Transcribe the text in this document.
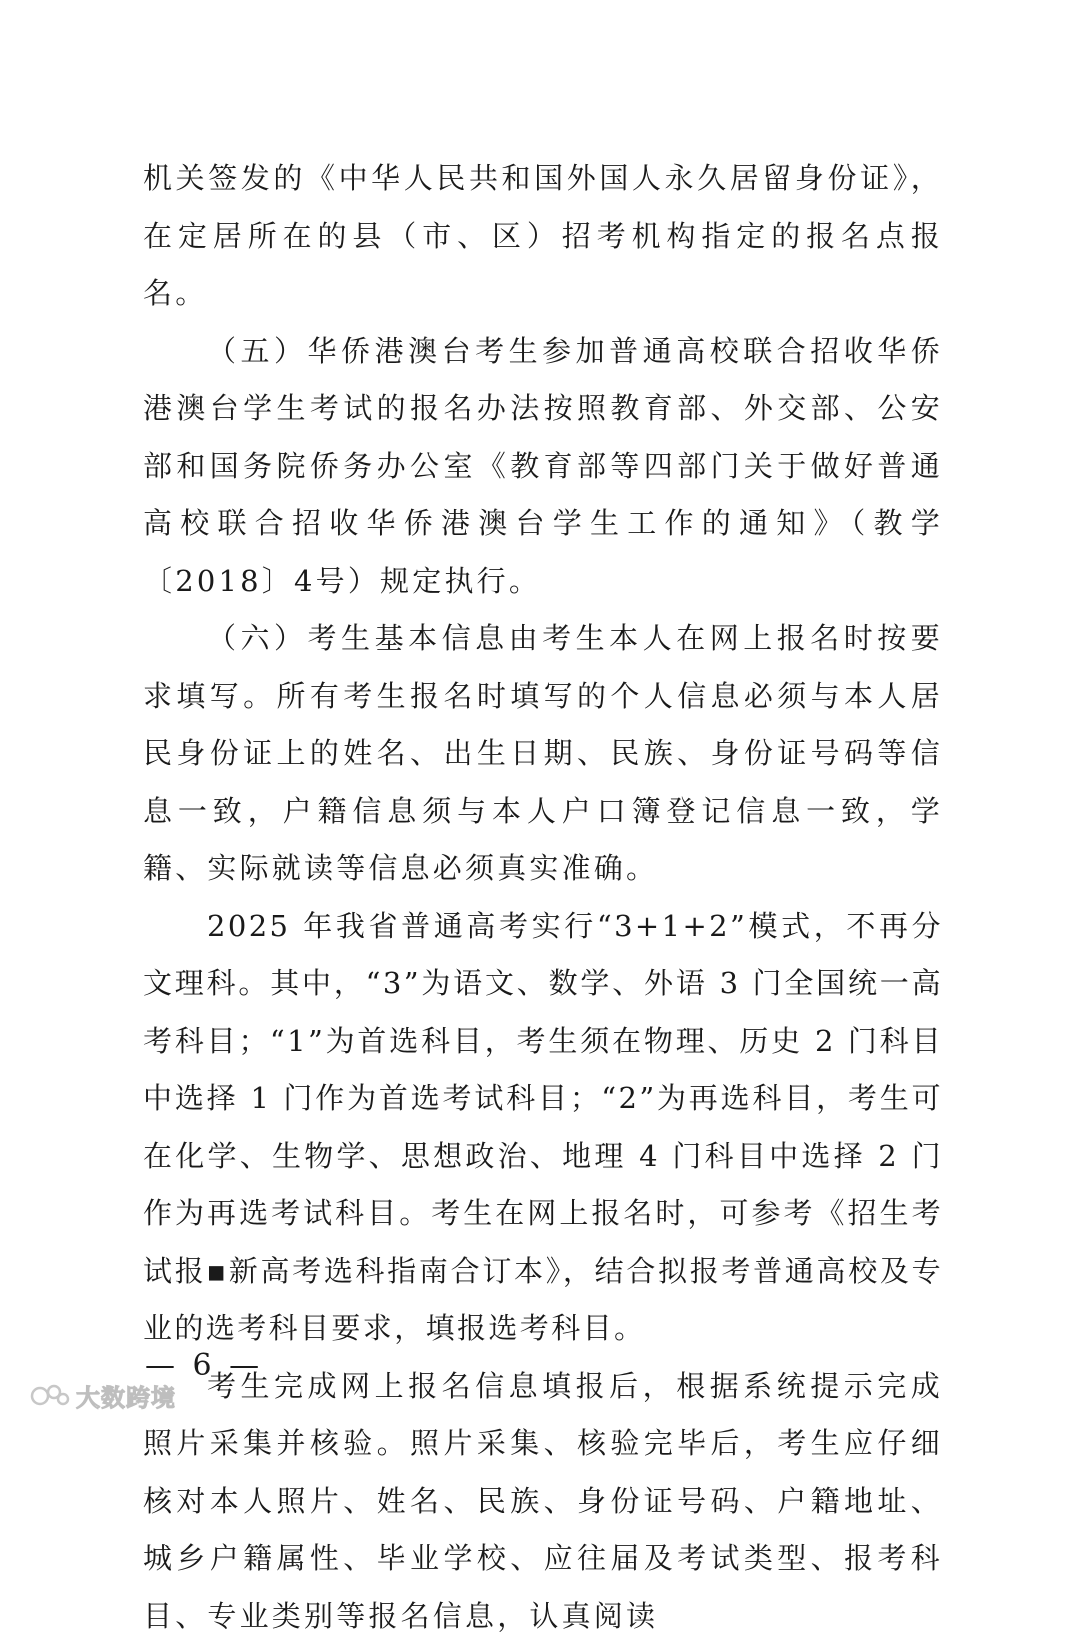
机关签发的《中华人民共和国外国人永久居留身份证》，在定居所在的县（市、区）招考机构指定的报名点报名。

（五）华侨港澳台考生参加普通高校联合招收华侨港澳台学生考试的报名办法按照教育部、外交部、公安部和国务院侨务办公室《教育部等四部门关于做好普通高校联合招收华侨港澳台学生工作的通知》（教学〔2018〕4号）规定执行。

（六）考生基本信息由考生本人在网上报名时按要求填写。所有考生报名时填写的个人信息必须与本人居民身份证上的姓名、出生日期、民族、身份证号码等信息一致，户籍信息须与本人户口簿登记信息一致，学籍、实际就读等信息必须真实准确。

2025 年我省普通高考实行“3+1+2”模式，不再分文理科。其中，“3”为语文、数学、外语 3 门全国统一高考科目；“1”为首选科目，考生须在物理、历史 2 门科目中选择 1 门作为首选考试科目；“2”为再选科目，考生可在化学、生物学、思想政治、地理 4 门科目中选择 2 门作为再选考试科目。考生在网上报名时，可参考《招生考试报▪新高考选科指南合订本》，结合拟报考普通高校及专业的选考科目要求，填报选考科目。

考生完成网上报名信息填报后，根据系统提示完成照片采集并核验。照片采集、核验完毕后，考生应仔细核对本人照片、姓名、民族、身份证号码、户籍地址、城乡户籍属性、毕业学校、应往届及考试类型、报考科目、专业类别等报名信息，认真阅读

— 6 —
大数跨境
